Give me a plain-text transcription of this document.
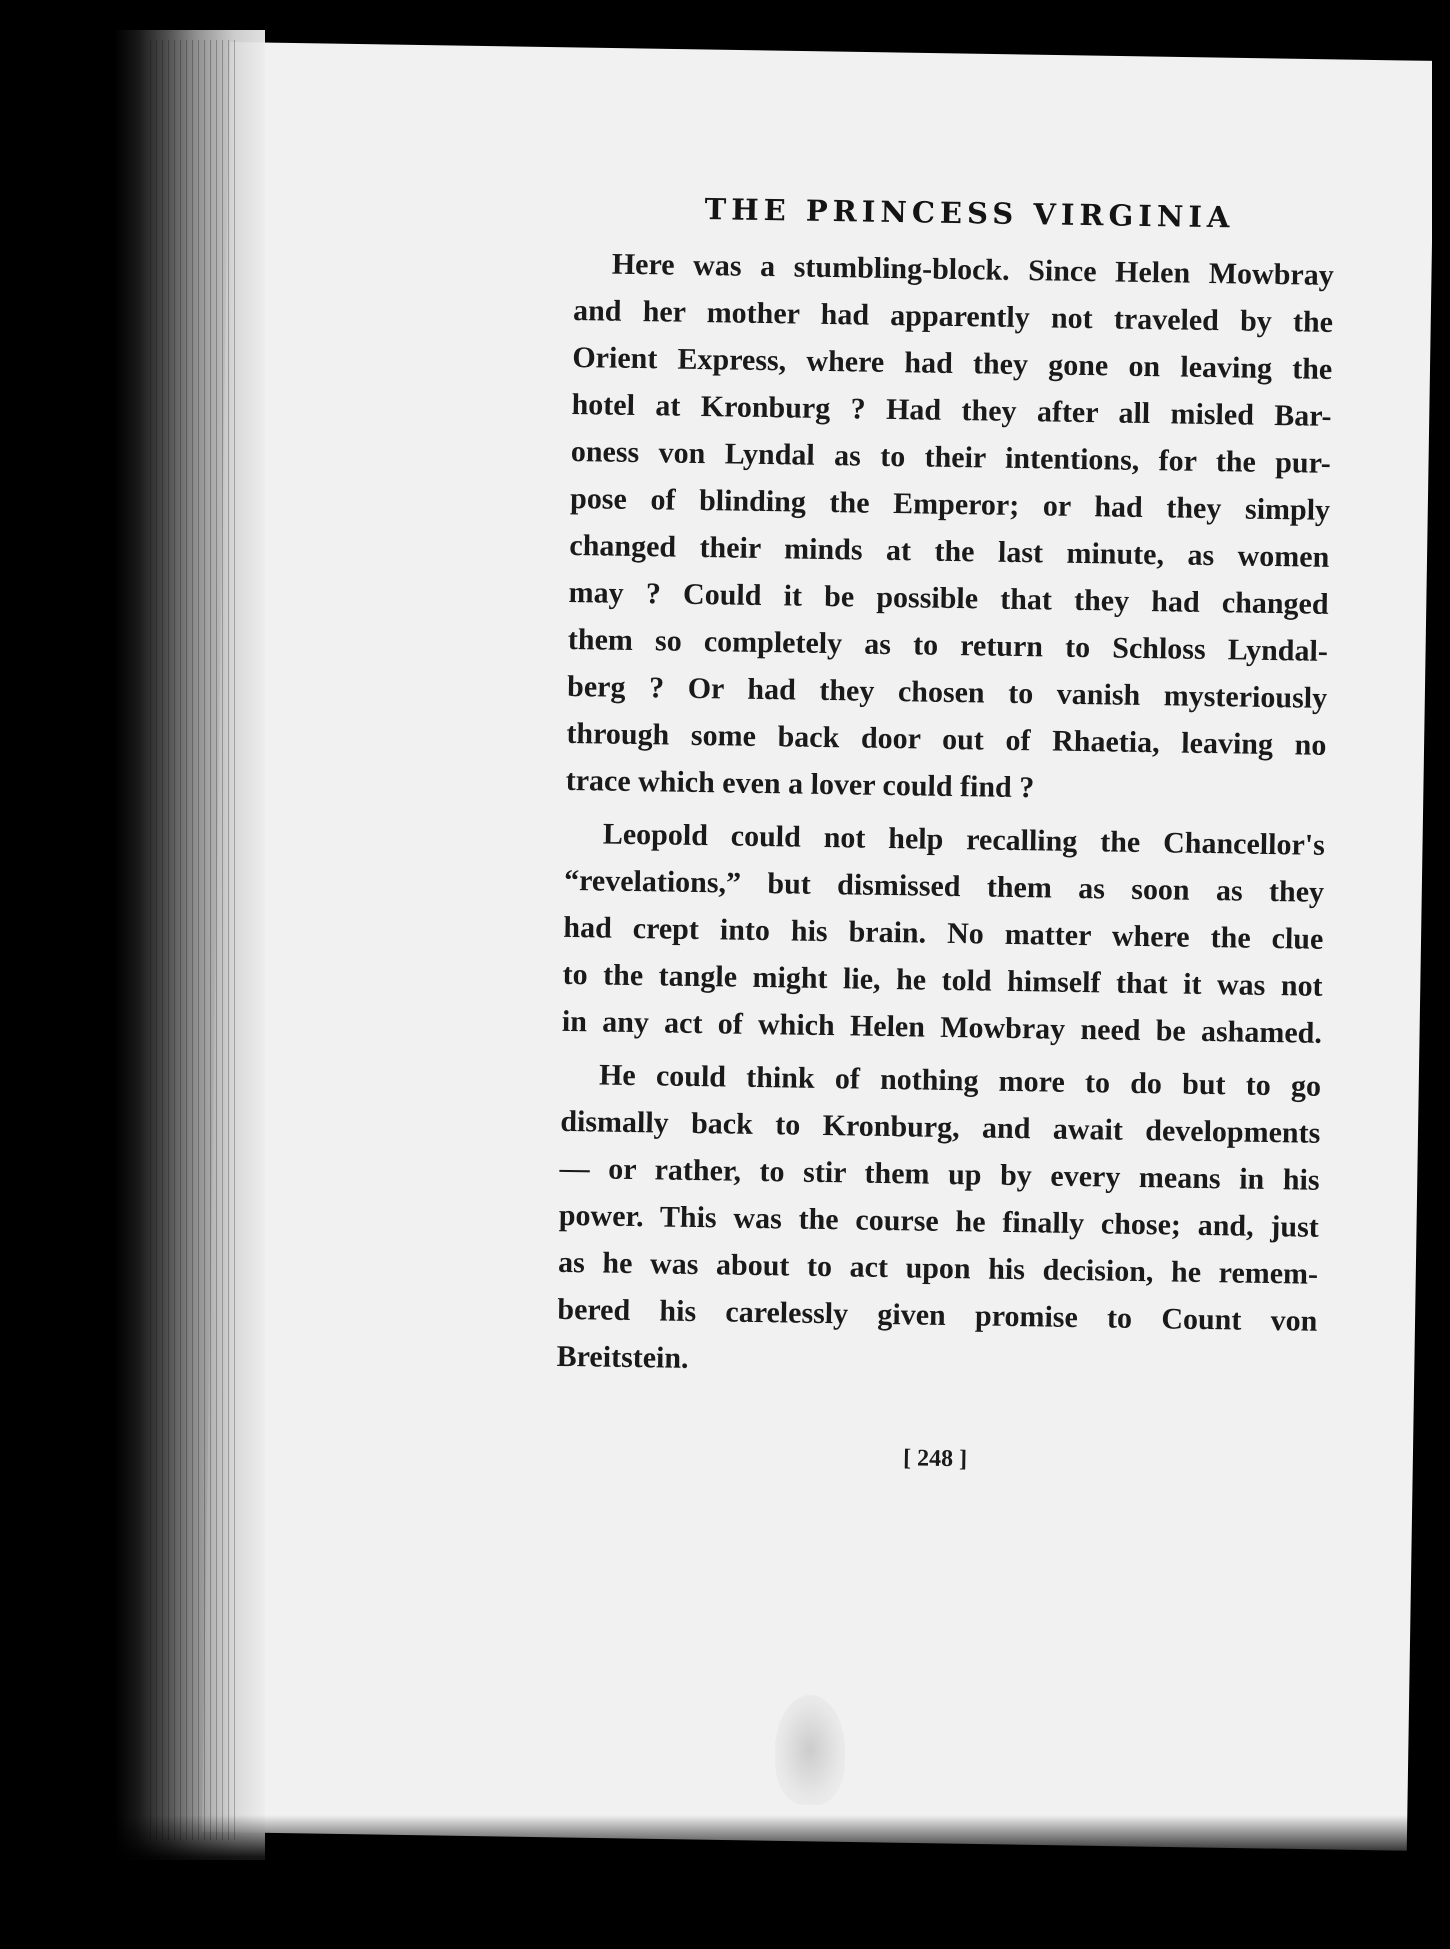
THE PRINCESS VIRGINIA
Here was a stumbling-block. Since Helen Mowbray
and her mother had apparently not traveled by the
Orient Express, where had they gone on leaving the
hotel at Kronburg ? Had they after all misled Bar-
oness von Lyndal as to their intentions, for the pur-
pose of blinding the Emperor; or had they simply
changed their minds at the last minute, as women
may ? Could it be possible that they had changed
them so completely as to return to Schloss Lyndal-
berg ? Or had they chosen to vanish mysteriously
through some back door out of Rhaetia, leaving no
trace which even a lover could find ?
Leopold could not help recalling the Chancellor's
“revelations,” but dismissed them as soon as they
had crept into his brain. No matter where the clue
to the tangle might lie, he told himself that it was not
in any act of which Helen Mowbray need be ashamed.
He could think of nothing more to do but to go
dismally back to Kronburg, and await developments
— or rather, to stir them up by every means in his
power. This was the course he finally chose; and, just
as he was about to act upon his decision, he remem-
bered his carelessly given promise to Count von
Breitstein.
[ 248 ]
